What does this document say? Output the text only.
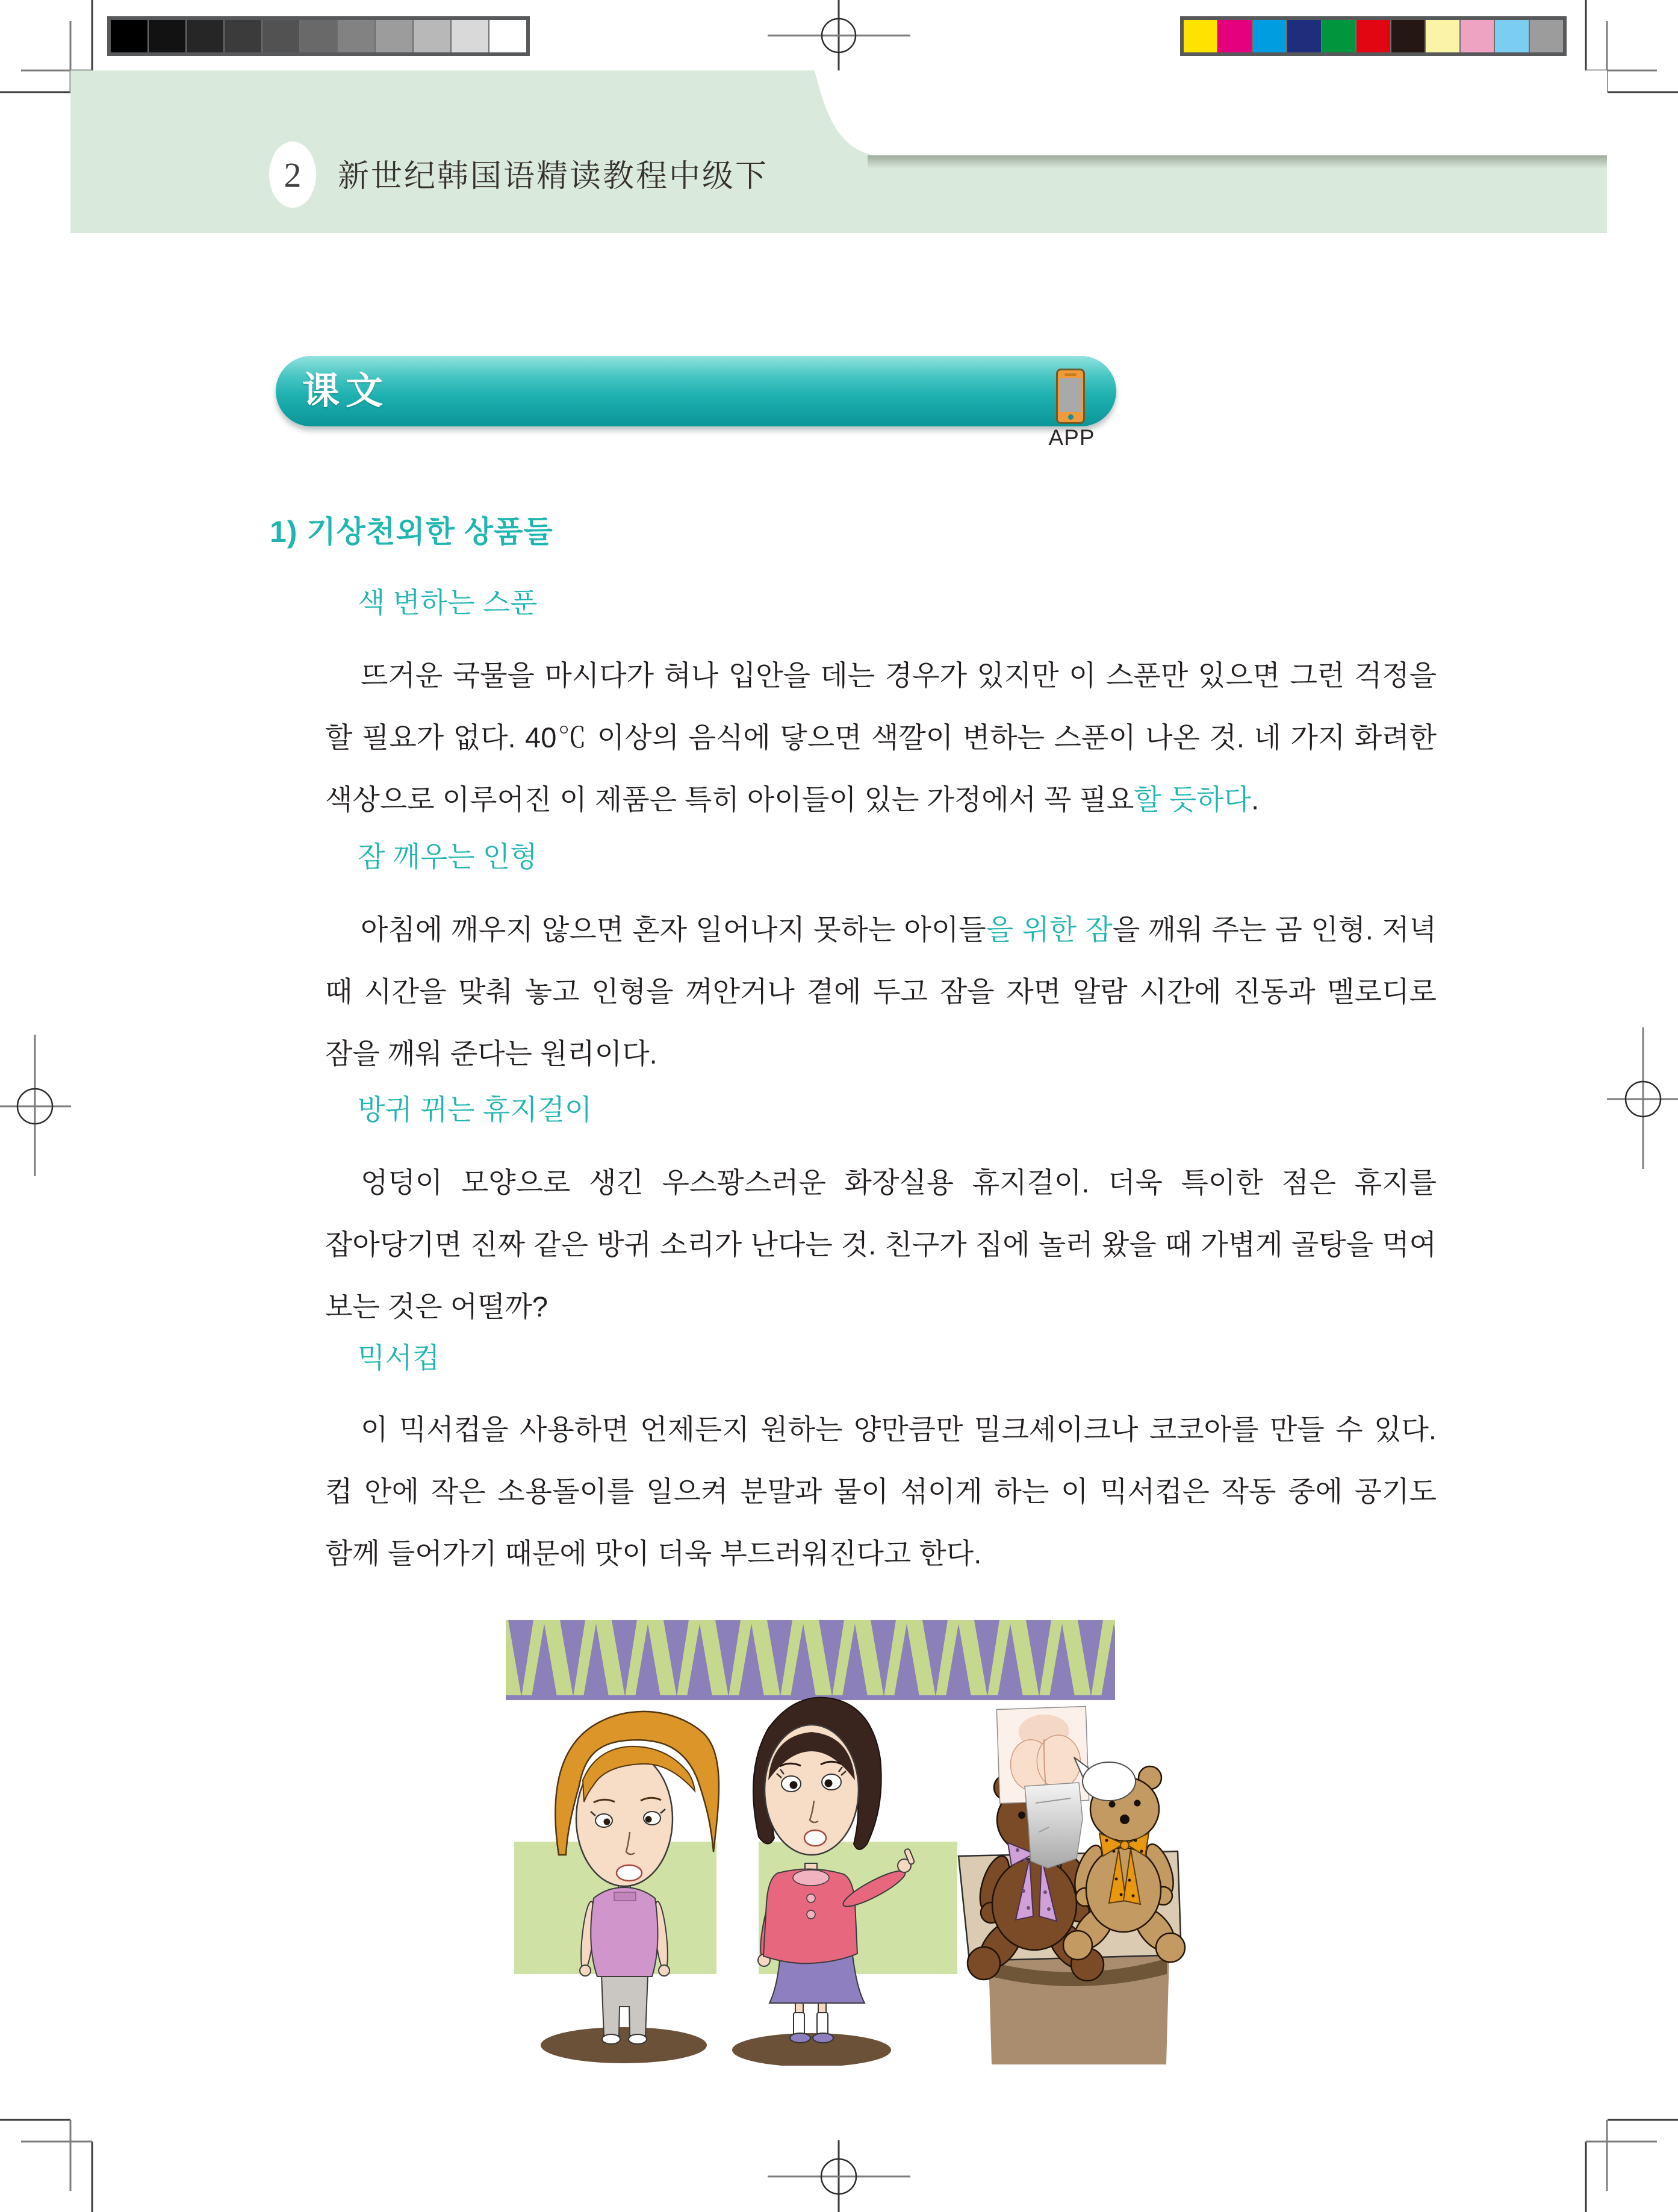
2 新世纪韩国语精读教程中级下
课文
APP
1) 기상천외한 상품들
색 변하는 스푼

뜨거운 국물을 마시다가 혀나 입안을 데는 경우가 있지만 이 스푼만 있으면 그런 걱정을 할 필요가 없다. 40℃ 이상의 음식에 닿으면 색깔이 변하는 스푼이 나온 것. 네 가지 화려한 색상으로 이루어진 이 제품은 특히 아이들이 있는 가정에서 꼭 필요할 듯하다.

잠 깨우는 인형

아침에 깨우지 않으면 혼자 일어나지 못하는 아이들을 위한 잠을 깨워 주는 곰 인형. 저녁 때 시간을 맞춰 놓고 인형을 껴안거나 곁에 두고 잠을 자면 알람 시간에 진동과 멜로디로 잠을 깨워 준다는 원리이다.

방귀 뀌는 휴지걸이

엉덩이 모양으로 생긴 우스꽝스러운 화장실용 휴지걸이. 더욱 특이한 점은 휴지를 잡아당기면 진짜 같은 방귀 소리가 난다는 것. 친구가 집에 놀러 왔을 때 가볍게 골탕을 먹여 보는 것은 어떨까?

믹서컵

이 믹서컵을 사용하면 언제든지 원하는 양만큼만 밀크셰이크나 코코아를 만들 수 있다. 컵 안에 작은 소용돌이를 일으켜 분말과 물이 섞이게 하는 이 믹서컵은 작동 중에 공기도 함께 들어가기 때문에 맛이 더욱 부드러워진다고 한다.
